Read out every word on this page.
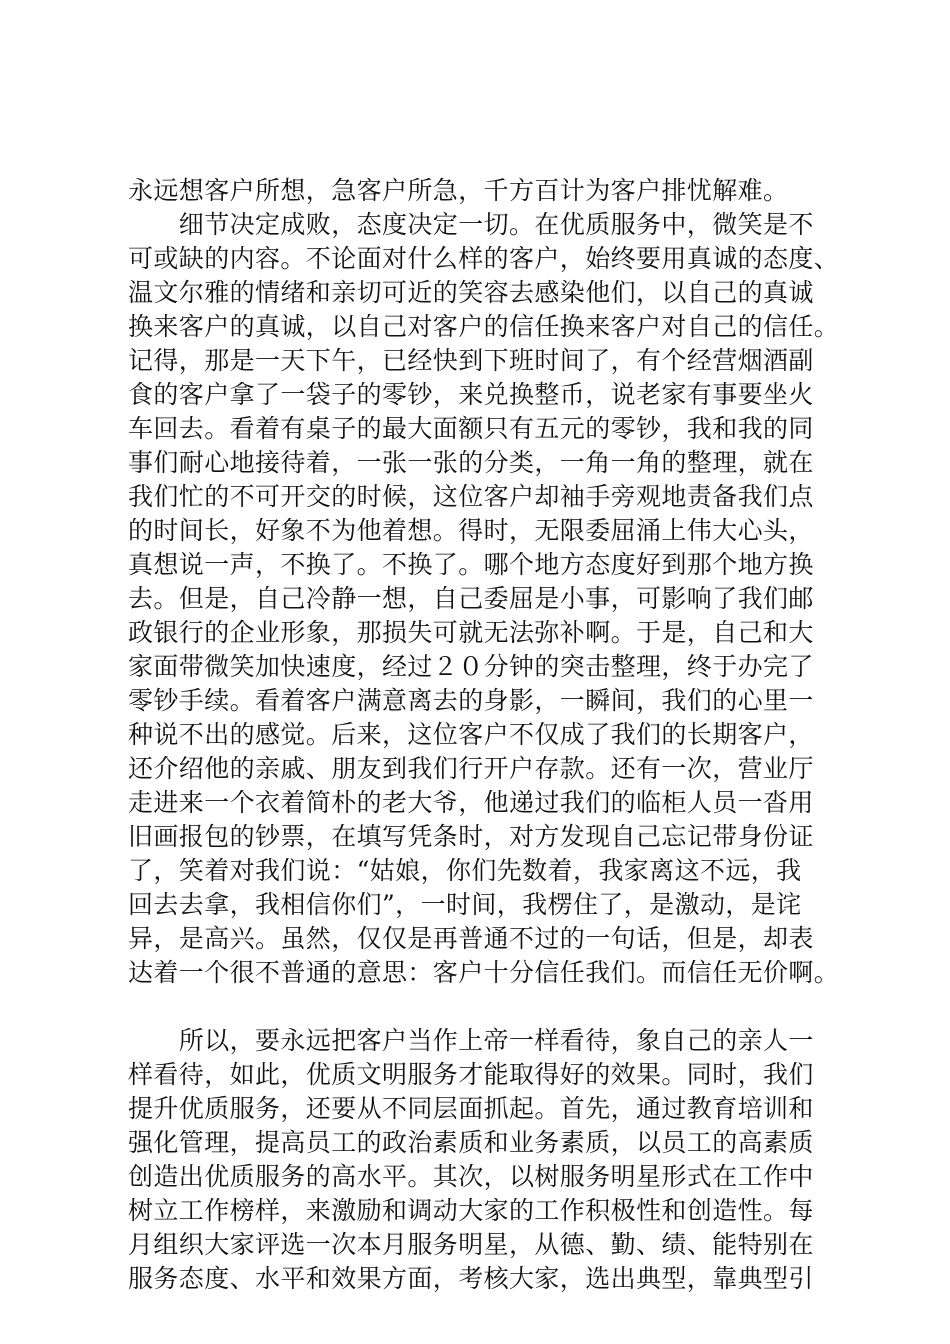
永远想客户所想，急客户所急，千方百计为客户排忧解难。
　　细节决定成败，态度决定一切。在优质服务中，微笑是不
可或缺的内容。不论面对什么样的客户，始终要用真诚的态度、
温文尔雅的情绪和亲切可近的笑容去感染他们，以自己的真诚
换来客户的真诚，以自己对客户的信任换来客户对自己的信任。
记得，那是一天下午，已经快到下班时间了，有个经营烟酒副
食的客户拿了一袋子的零钞，来兑换整币，说老家有事要坐火
车回去。看着有桌子的最大面额只有五元的零钞，我和我的同
事们耐心地接待着，一张一张的分类，一角一角的整理，就在
我们忙的不可开交的时候，这位客户却袖手旁观地责备我们点
的时间长，好象不为他着想。得时，无限委屈涌上伟大心头，
真想说一声，不换了。不换了。哪个地方态度好到那个地方换
去。但是，自己冷静一想，自己委屈是小事，可影响了我们邮
政银行的企业形象，那损失可就无法弥补啊。于是，自己和大
家面带微笑加快速度，经过２０分钟的突击整理，终于办完了
零钞手续。看着客户满意离去的身影，一瞬间，我们的心里一
种说不出的感觉。后来，这位客户不仅成了我们的长期客户，
还介绍他的亲戚、朋友到我们行开户存款。还有一次，营业厅
走进来一个衣着简朴的老大爷，他递过我们的临柜人员一沓用
旧画报包的钞票，在填写凭条时，对方发现自己忘记带身份证
了，笑着对我们说：“姑娘，你们先数着，我家离这不远，我
回去去拿，我相信你们”，一时间，我楞住了，是激动，是诧
异，是高兴。虽然，仅仅是再普通不过的一句话，但是，却表
达着一个很不普通的意思：客户十分信任我们。而信任无价啊。
　　所以，要永远把客户当作上帝一样看待，象自己的亲人一
样看待，如此，优质文明服务才能取得好的效果。同时，我们
提升优质服务，还要从不同层面抓起。首先，通过教育培训和
强化管理，提高员工的政治素质和业务素质，以员工的高素质
创造出优质服务的高水平。其次，以树服务明星形式在工作中
树立工作榜样，来激励和调动大家的工作积极性和创造性。每
月组织大家评选一次本月服务明星，从德、勤、绩、能特别在
服务态度、水平和效果方面，考核大家，选出典型，靠典型引
